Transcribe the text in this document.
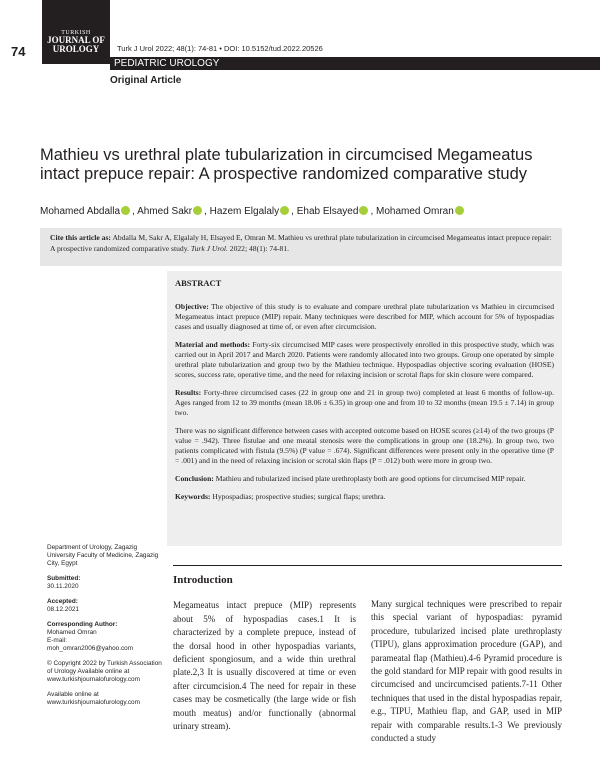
74
TURKISH
JOURNAL OF
UROLOGY	Turk J Urol 2022; 48(1): 74-81 • DOI: 10.5152/tud.2022.20526
PEDIATRIC UROLOGY
Original Article
Mathieu vs urethral plate tubularization in circumcised Megameatus intact prepuce repair: A prospective randomized comparative study
Mohamed Abdalla , Ahmed Sakr , Hazem Elgalaly , Ehab Elsayed , Mohamed Omran
Cite this article as: Abdalla M, Sakr A, Elgalaly H, Elsayed E, Omran M. Mathieu vs urethral plate tubularization in circumcised Megameatus intact prepuce repair: A prospective randomized comparative study. Turk J Urol. 2022; 48(1): 74-81.
ABSTRACT

Objective: The objective of this study is to evaluate and compare urethral plate tubularization vs Mathieu in circumcised Megameatus intact prepuce (MIP) repair. Many techniques were described for MIP, which account for 5% of hypospadias cases and usually diagnosed at time of, or even after circumcision.

Material and methods: Forty-six circumcised MIP cases were prospectively enrolled in this prospective study, which was carried out in April 2017 and March 2020. Patients were randomly allocated into two groups. Group one operated by simple urethral plate tubularization and group two by the Mathieu technique. Hypospadias objective scoring evaluation (HOSE) scores, success rate, operative time, and the need for relaxing incision or scrotal flaps for skin closure were compared.

Results: Forty-three circumcised cases (22 in group one and 21 in group two) completed at least 6 months of follow-up. Ages ranged from 12 to 39 months (mean 18.06 ± 6.35) in group one and from 10 to 32 months (mean 19.5 ± 7.14) in group two.

There was no significant difference between cases with accepted outcome based on HOSE scores (≥14) of the two groups (P value = .942). Three fistulae and one meatal stenosis were the complications in group one (18.2%). In group two, two patients complicated with fistula (9.5%) (P value = .674). Significant differences were present only in the operative time (P = .001) and in the need of relaxing incision or scrotal skin flaps (P = .012) both were more in group two.

Conclusion: Mathieu and tubularized incised plate urethroplasty both are good options for circumcised MIP repair.

Keywords: Hypospadias; prospective studies; surgical flaps; urethra.

Department of Urology, Zagazig University Faculty of Medicine, Zagazig City, Egypt
Submitted:
30.11.2020
Accepted:
08.12.2021
Corresponding Author:
Mohamed Omran
E-mail:
moh_omran2006@yahoo.com
© Copyright 2022 by Turkish Association of Urology Available online at www.turkishjournalofurology.com
Available online at www.turkishjournalofurology.com
Introduction

Megameatus intact prepuce (MIP) represents about 5% of hypospadias cases.1 It is characterized by a complete prepuce, instead of the dorsal hood in other hypospadias variants, deficient spongiosum, and a wide thin urethral plate.2,3 It is usually discovered at time or even after circumcision.4 The need for repair in these cases may be cosmetically (the large wide or fish mouth meatus) and/or functionally (abnormal urinary stream).

Many surgical techniques were prescribed to repair this special variant of hypospadias: pyramid procedure, tubularized incised plate urethroplasty (TIPU), glans approximation procedure (GAP), and parameatal flap (Mathieu).4-6 Pyramid procedure is the gold standard for MIP repair with good results in circumcised and uncircumcised patients.7-11 Other techniques that used in the distal hypospadias repair, e.g., TIPU, Mathieu flap, and GAP, used in MIP repair with comparable results.1-3 We previously conducted a study
